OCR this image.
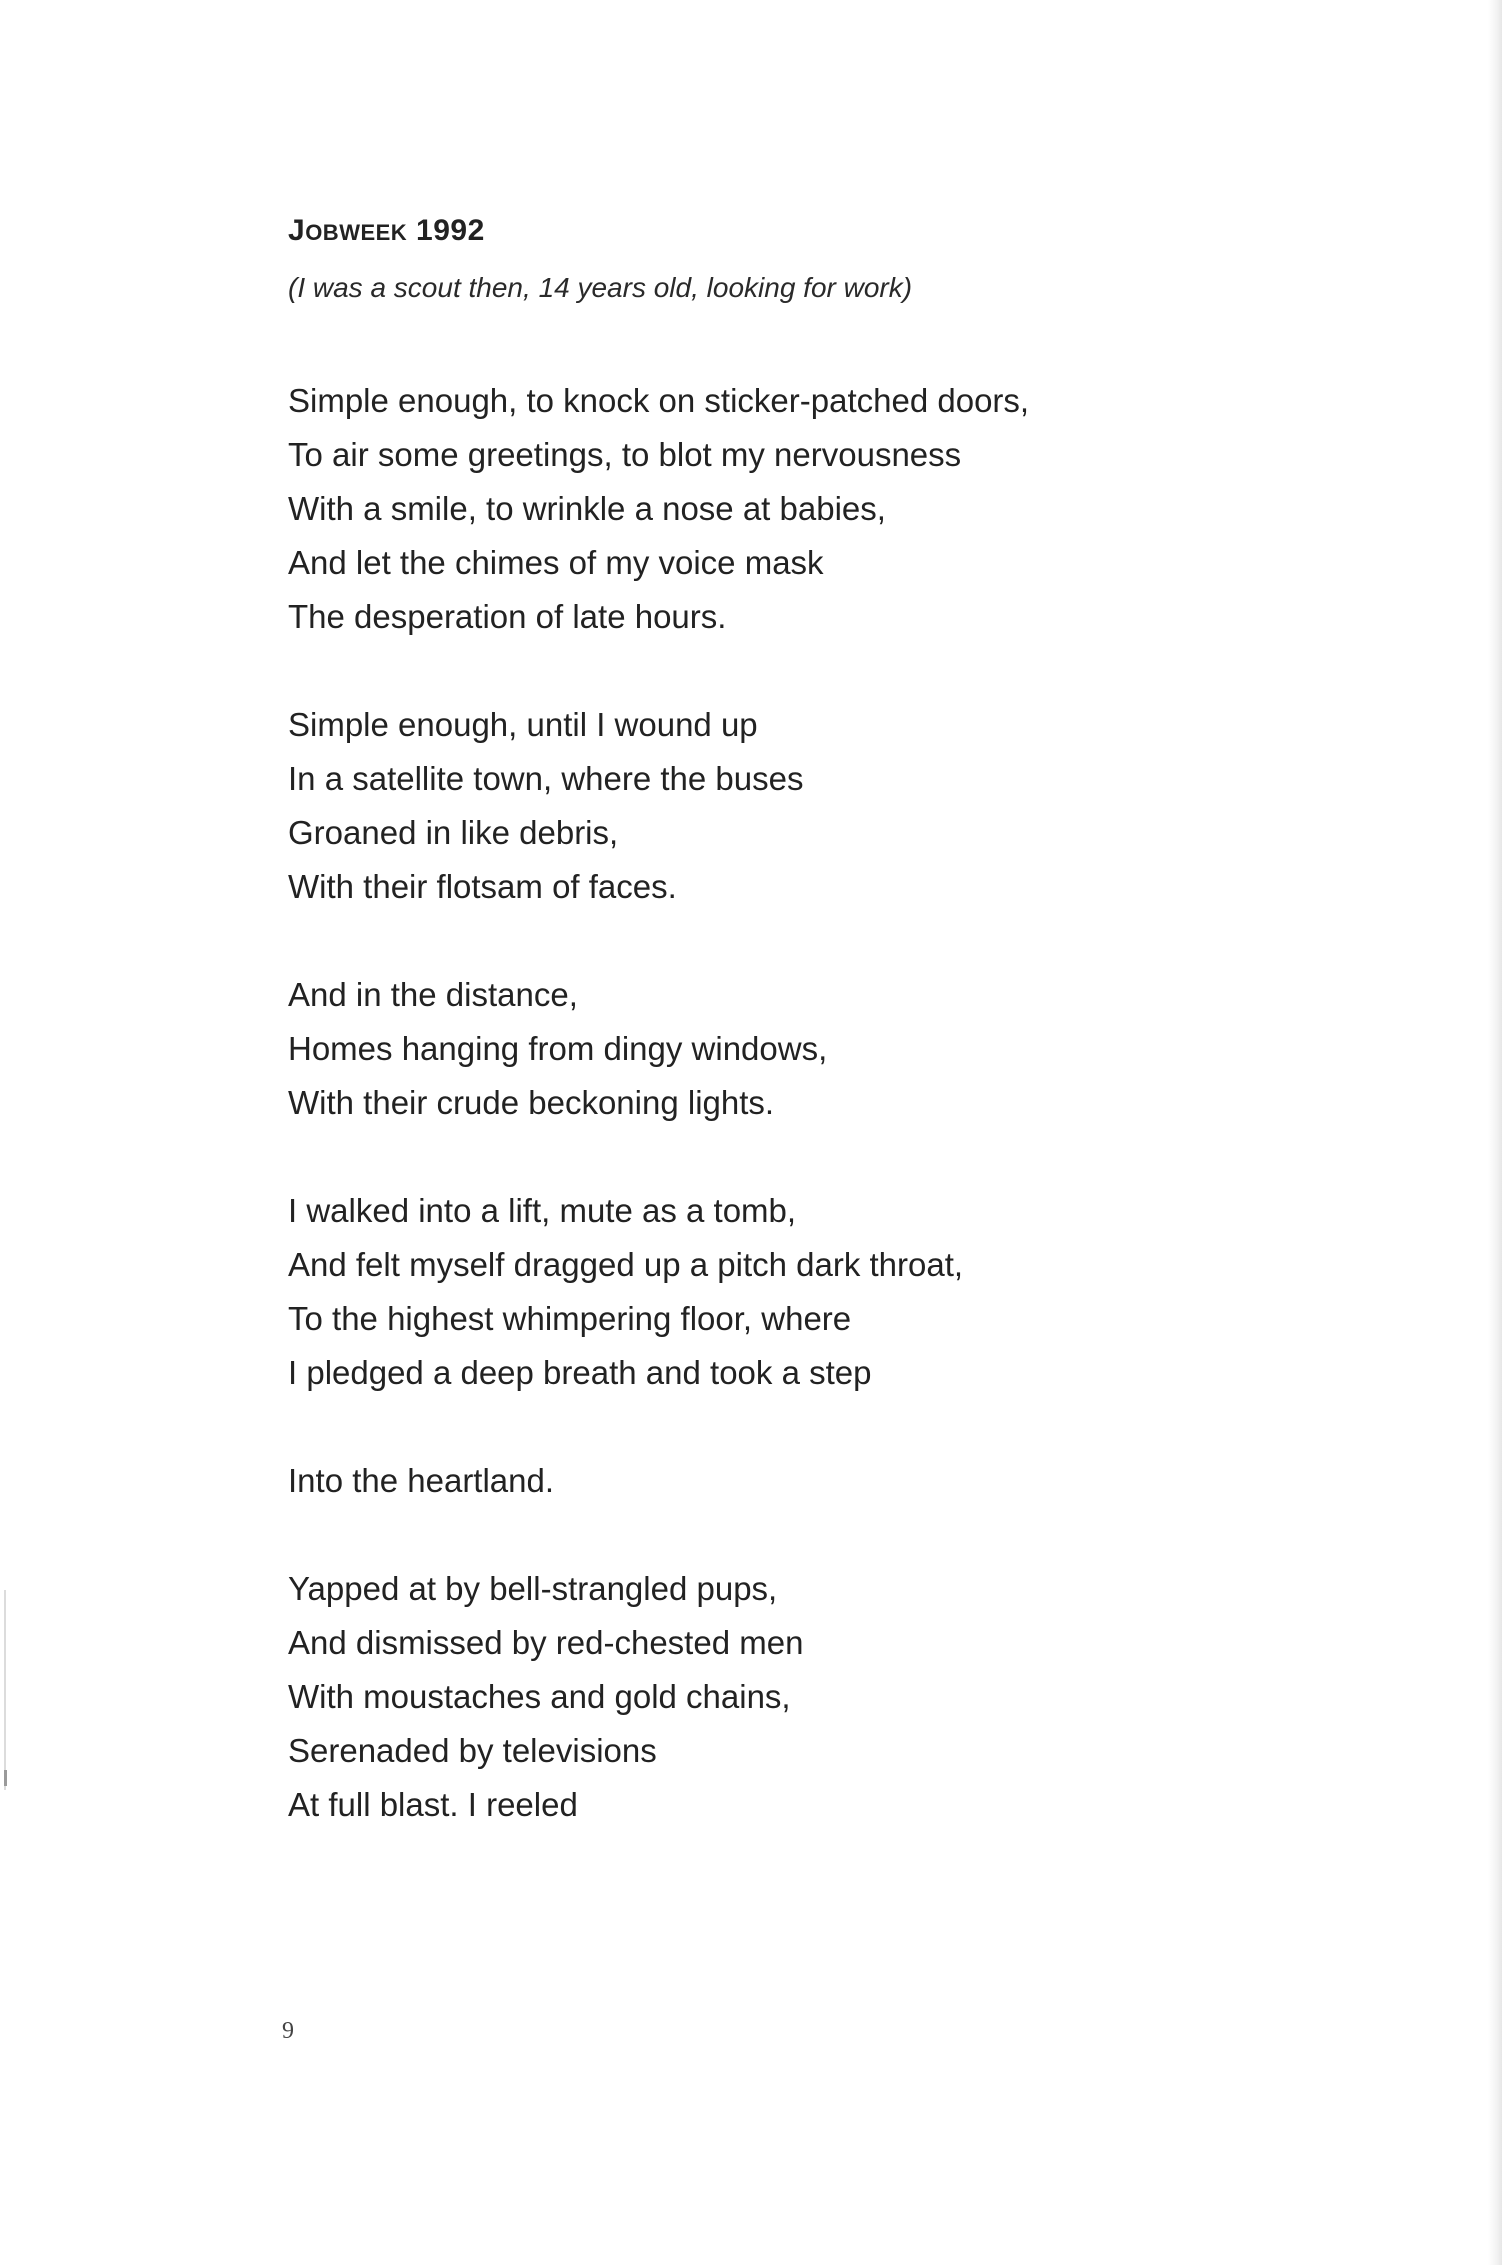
JOBWEEK 1992

(I was a scout then, 14 years old, looking for work)

Simple enough, to knock on sticker-patched doors,
To air some greetings, to blot my nervousness
With a smile, to wrinkle a nose at babies,
And let the chimes of my voice mask
The desperation of late hours.
Simple enough, until I wound up
In a satellite town, where the buses
Groaned in like debris,
With their flotsam of faces.
And in the distance,
Homes hanging from dingy windows,
With their crude beckoning lights.
I walked into a lift, mute as a tomb,
And felt myself dragged up a pitch dark throat,
To the highest whimpering floor, where
I pledged a deep breath and took a step
Into the heartland.
Yapped at by bell-strangled pups,
And dismissed by red-chested men
With moustaches and gold chains,
Serenaded by televisions
At full blast. I reeled
9
